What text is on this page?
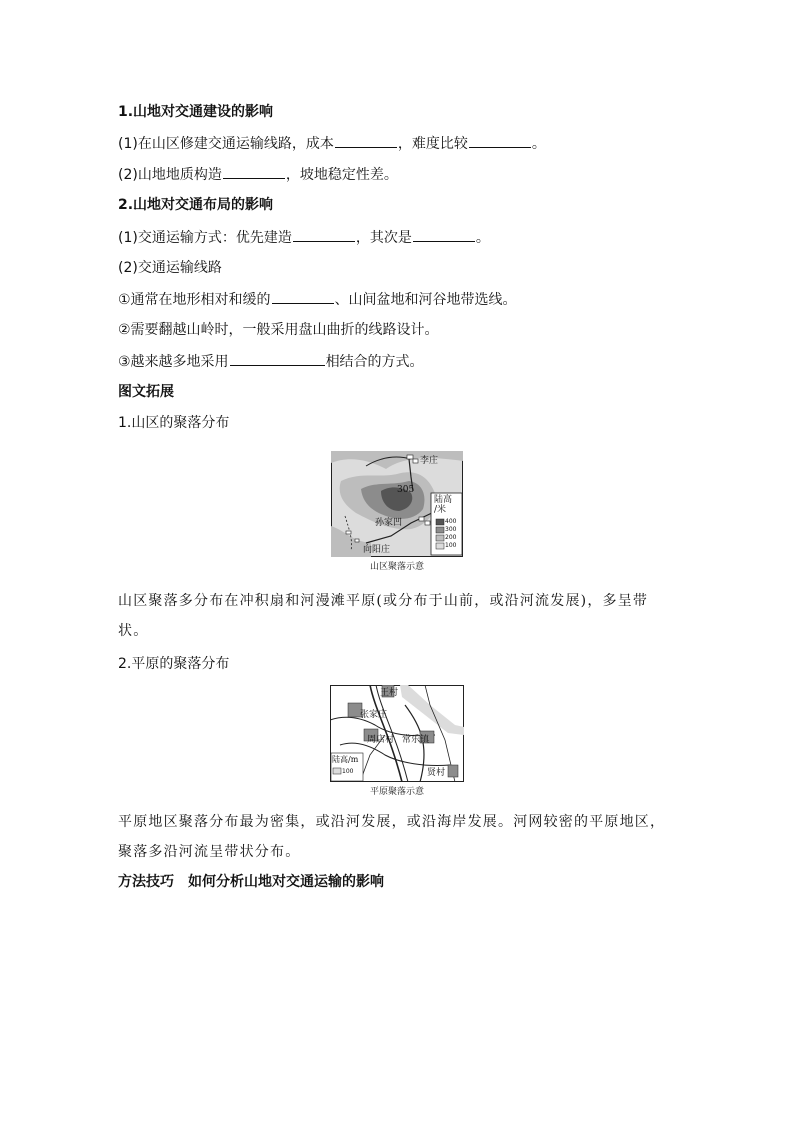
1.山地对交通建设的影响
(1)在山区修建交通运输线路，成本	，难度比较	。
(2)山地地质构造	，坡地稳定性差。
2.山地对交通布局的影响
(1)交通运输方式：优先建造	，其次是	。
(2)交通运输线路
①通常在地形相对和缓的	、山间盆地和河谷地带选线。
②需要翻越山岭时，一般采用盘山曲折的线路设计。
③越来越多地采用	相结合的方式。
图文拓展
1.山区的聚落分布
李庄
305
孙家凹
向阳庄
陆高
/米
400
300
200
100
山区聚落示意
山区聚落多分布在冲积扇和河漫滩平原(或分布于山前，或沿河流发展)，多呈带状。
2.平原的聚落分布
王村
张家庄
周店村 常乐镇
贤村
陆高/m
100
平原聚落示意
平原地区聚落分布最为密集，或沿河发展，或沿海岸发展。河网较密的平原地区，聚落多沿河流呈带状分布。
方法技巧　如何分析山地对交通运输的影响
